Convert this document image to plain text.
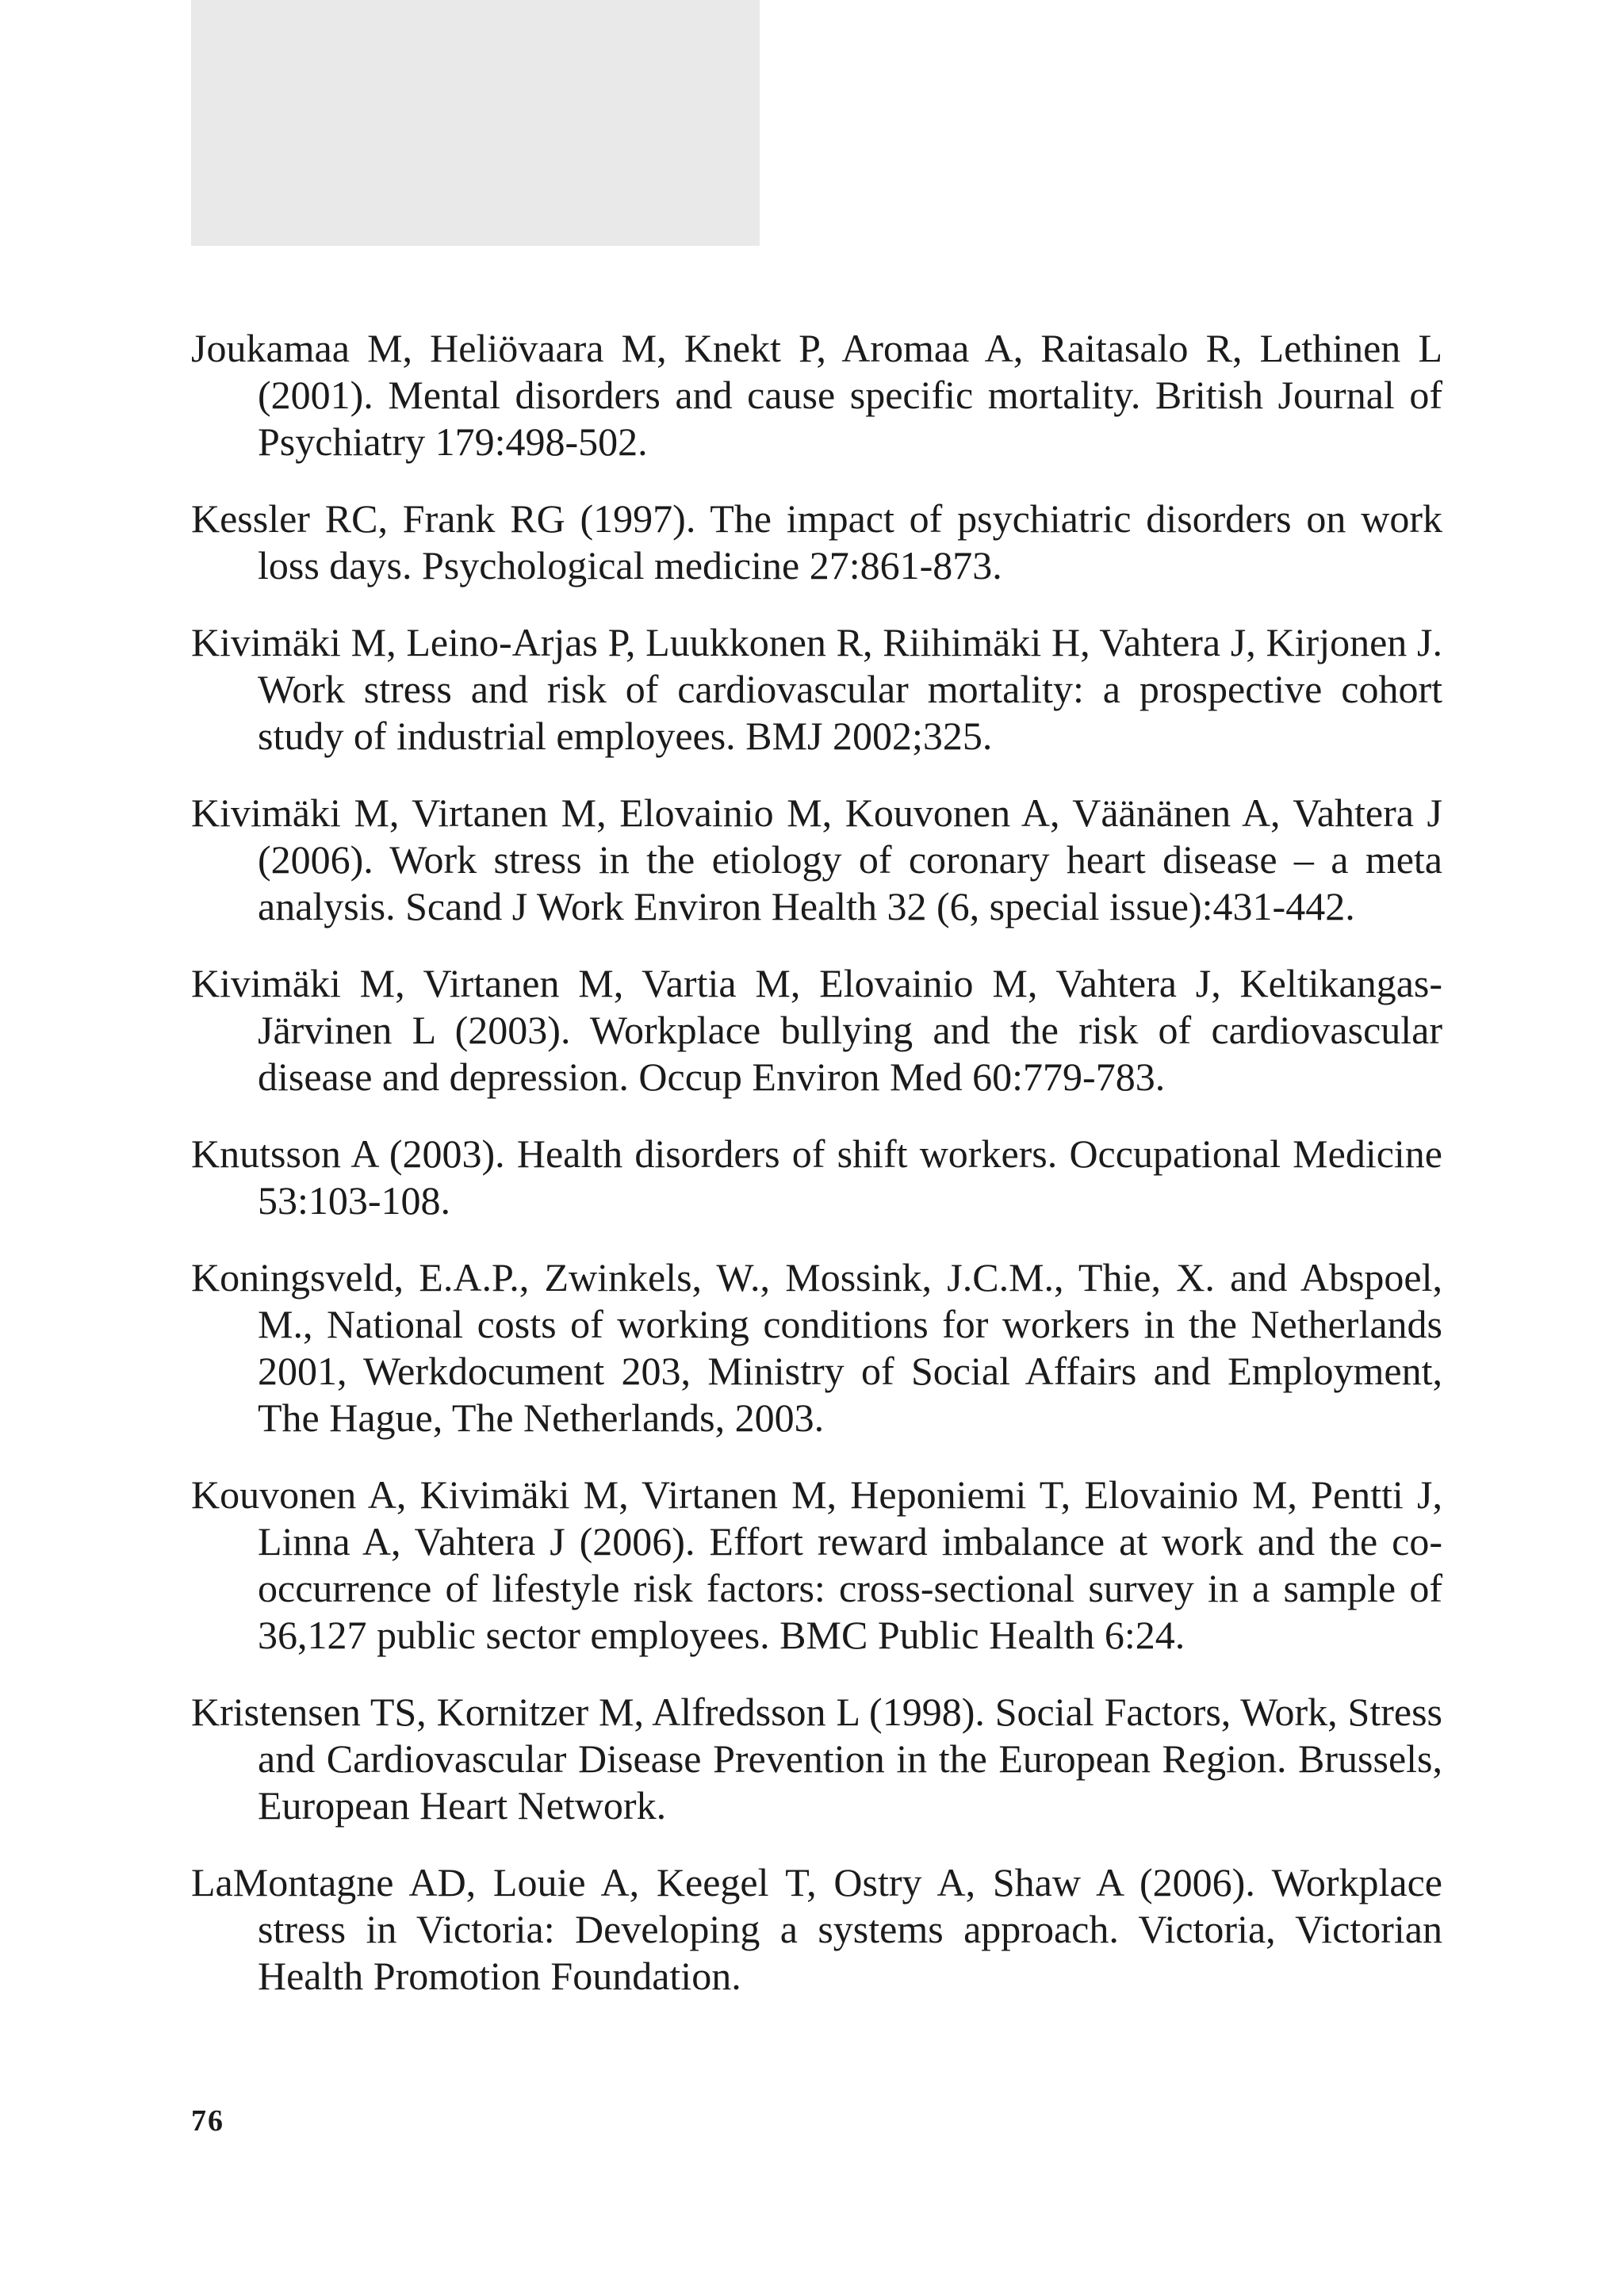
Joukamaa M, Heliövaara M, Knekt P, Aromaa A, Raitasalo R, Lethinen L (2001). Mental disorders and cause specific mortality. British Journal of Psychiatry 179:498-502.
Kessler RC, Frank RG (1997). The impact of psychiatric disorders on work loss days. Psychological medicine 27:861-873.
Kivimäki M, Leino-Arjas P, Luukkonen R, Riihimäki H, Vahtera J, Kirjonen J. Work stress and risk of cardiovascular mortality: a prospective cohort study of industrial employees. BMJ 2002;325.
Kivimäki M, Virtanen M, Elovainio M, Kouvonen A, Väänänen A, Vahtera J (2006). Work stress in the etiology of coronary heart disease – a meta analysis. Scand J Work Environ Health 32 (6, special issue):431-442.
Kivimäki M, Virtanen M, Vartia M, Elovainio M, Vahtera J, Keltikangas-Järvinen L (2003). Workplace bullying and the risk of cardiovascular disease and depression. Occup Environ Med 60:779-783.
Knutsson A (2003). Health disorders of shift workers. Occupational Medicine 53:103-108.
Koningsveld, E.A.P., Zwinkels, W., Mossink, J.C.M., Thie, X. and Abspoel, M., National costs of working conditions for workers in the Netherlands 2001, Werkdocument 203, Ministry of Social Affairs and Employment, The Hague, The Netherlands, 2003.
Kouvonen A, Kivimäki M, Virtanen M, Heponiemi T, Elovainio M, Pentti J, Linna A, Vahtera J (2006). Effort reward imbalance at work and the co-occurrence of lifestyle risk factors: cross-sectional survey in a sample of 36,127 public sector employees. BMC Public Health 6:24.
Kristensen TS, Kornitzer M, Alfredsson L (1998). Social Factors, Work, Stress and Cardiovascular Disease Prevention in the European Region. Brussels, European Heart Network.
LaMontagne AD, Louie A, Keegel T, Ostry A, Shaw A (2006). Workplace stress in Victoria: Developing a systems approach. Victoria, Victorian Health Promotion Foundation.
76
